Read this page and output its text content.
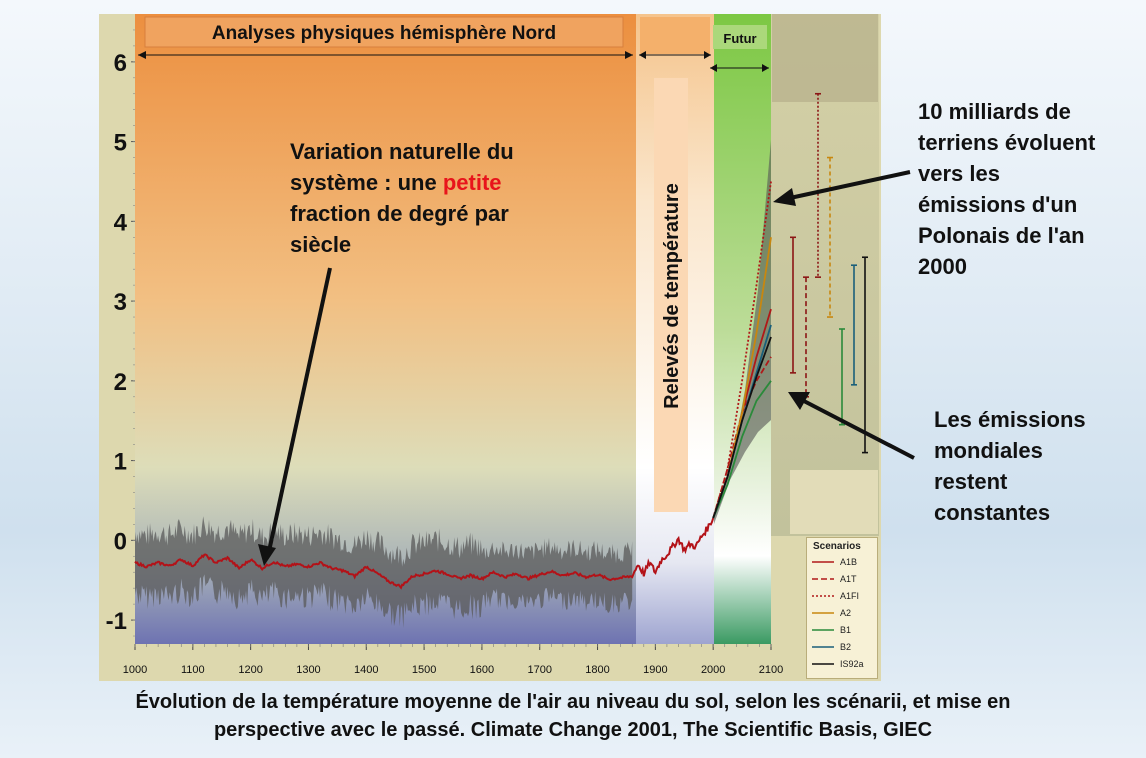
Analyses physiques hémisphère Nord	Futur
Relevés de température
6
5
4
3
2
1
0
-1
1000	1100	1200	1300	1400	1500	1600	1700	1800	1900	2000	2100
Scenarios
A1B
A1T
A1FI
A2
B1
B2
IS92a
Variation naturelle du
système : une petite
fraction de degré par
siècle
10 milliards de
terriens évoluent
vers les
émissions d'un
Polonais de l'an
2000
Les émissions
mondiales
restent
constantes
Évolution de la température moyenne de l'air au niveau du sol, selon les scénarii, et mise en
perspective avec le passé. Climate Change 2001, The Scientific Basis, GIEC
